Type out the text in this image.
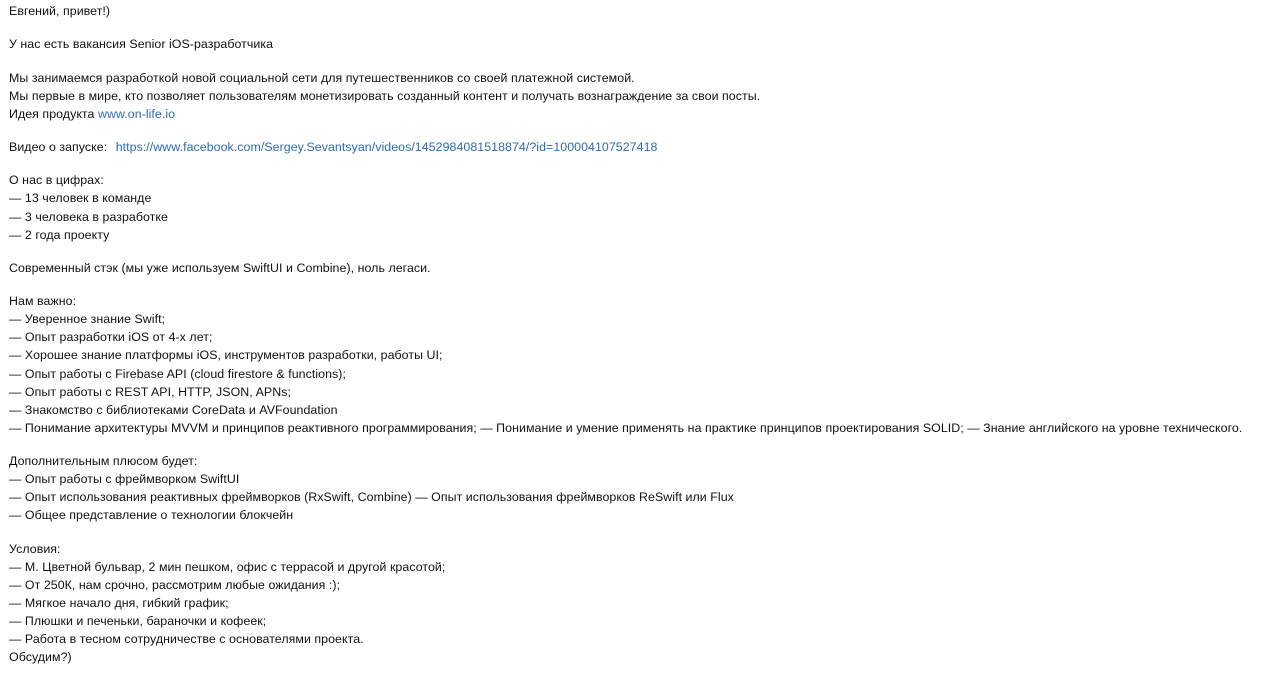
Евгений, привет!)
У нас есть вакансия Senior iOS-разработчика
Мы занимаемся разработкой новой социальной сети для путешественников со своей платежной системой.
Мы первые в мире, кто позволяет пользователям монетизировать созданный контент и получать вознаграждение за свои посты.
Идея продукта www.on-life.io
Видео о запуске: https://www.facebook.com/Sergey.Sevantsyan/videos/1452984081518874/?id=100004107527418
О нас в цифрах:
— 13 человек в команде
— 3 человека в разработке
— 2 года проекту
Современный стэк (мы уже используем SwiftUI и Combine), ноль легаси.
Нам важно:
— Уверенное знание Swift;
— Опыт разработки iOS от 4-х лет;
— Хорошее знание платформы iOS, инструментов разработки, работы UI;
— Опыт работы с Firebase API (cloud firestore & functions);
— Опыт работы с REST API, HTTP, JSON, APNs;
— Знакомство с библиотеками CoreData и AVFoundation
— Понимание архитектуры MVVM и принципов реактивного программирования; — Понимание и умение применять на практике принципов проектирования SOLID; — Знание английского на уровне технического.
Дополнительным плюсом будет:
— Опыт работы с фреймворком SwiftUI
— Опыт использования реактивных фреймворков (RxSwift, Combine) — Опыт использования фреймворков ReSwift или Flux
— Общее представление о технологии блокчейн
Условия:
— М. Цветной бульвар, 2 мин пешком, офис с террасой и другой красотой;
— От 250К, нам срочно, рассмотрим любые ожидания :);
— Мягкое начало дня, гибкий график;
— Плюшки и печеньки, бараночки и кофеек;
— Работа в тесном сотрудничестве с основателями проекта.
Обсудим?)
